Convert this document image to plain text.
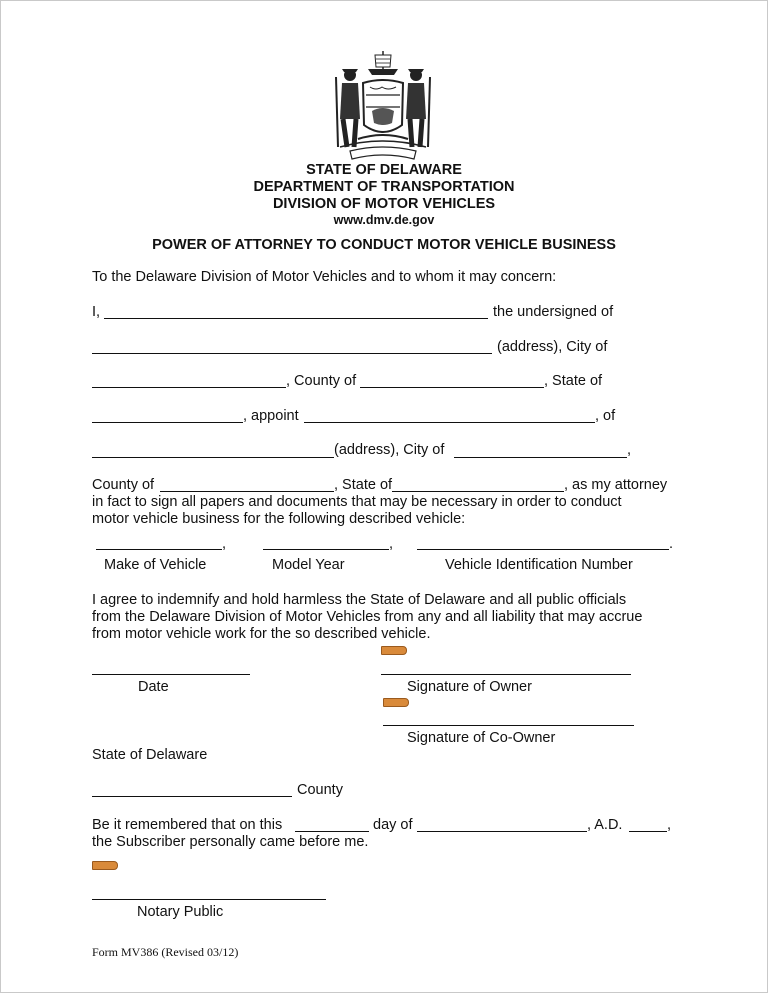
STATE OF DELAWARE
DEPARTMENT OF TRANSPORTATION
DIVISION OF MOTOR VEHICLES
www.dmv.de.gov
POWER OF ATTORNEY TO CONDUCT MOTOR VEHICLE BUSINESS
To the Delaware Division of Motor Vehicles and to whom it may concern:
I,	the undersigned of
(address), City of
, County of	, State of
, appoint	, of
(address), City of	,
County of	, State of	, as my attorney
in fact to sign all papers and documents that may be necessary in order to conduct
motor vehicle business for the following described vehicle:
,	,	.
Make of Vehicle	Model Year	Vehicle Identification Number
I agree to indemnify and hold harmless the State of Delaware and all public officials
from the Delaware Division of Motor Vehicles from any and all liability that may accrue
from motor vehicle work for the so described vehicle.
Date	Signature of Owner
Signature of Co-Owner
State of Delaware
County
Be it remembered that on this	day of	, A.D.	,
the Subscriber personally came before me.
Notary Public
Form MV386 (Revised 03/12)
